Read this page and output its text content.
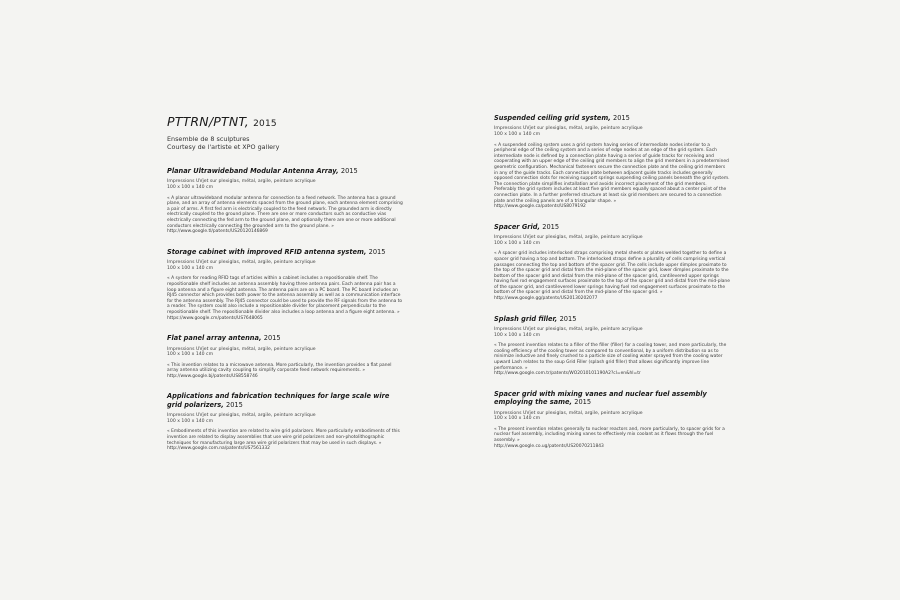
PTTRN/PTNT, 2015
Ensemble de 8 sculptures
Courtesy de l'artiste et XPO gallery
Planar Ultrawideband Modular Antenna Array, 2015
Impressions UVjet sur plexiglas, métal, argile, peinture acrylique
100 x 100 x 140 cm
« A planar ultrawideband modular antenna for connection to a feed network. The antenna has a ground plane, and an array of antenna elements spaced from the ground plane, each antenna element comprising a pair of arms. A first fed arm is electrically coupled to the feed network. The grounded arm is directly electrically coupled to the ground plane. There are one or more conductors such as conductive vias electrically connecting the fed arm to the ground plane, and optionally there are one or more additional conductors electrically connecting the grounded arm to the ground plane. »
http://www.google.tl/patents/US20120146869
Storage cabinet with improved RFID antenna system, 2015
Impressions UVjet sur plexiglas, métal, argile, peinture acrylique
100 x 100 x 140 cm
« A system for reading RFID tags of articles within a cabinet includes a repositionable shelf. The repositionable shelf includes an antenna assembly having three antenna pairs. Each antenna pair has a loop antenna and a figure eight antenna. The antenna pairs are on a PC board. The PC board includes an RJ45 connector which provides both power to the antenna assembly as well as a communication interface for the antenna assembly. The RJ45 connector could be used to provide the RF signals from the antenna to a reader. The system could also include a repositionable divider for placement perpendicular to the repositionable shelf. The repositionable divider also includes a loop antenna and a figure eight antenna. »
https://www.google.cm/patents/US7648065
Flat panel array antenna, 2015
Impressions UVjet sur plexiglas, métal, argile, peinture acrylique
100 x 100 x 140 cm
« This invention relates to a microwave antenna. More particularly, the invention provides a flat panel array antenna utilizing cavity coupling to simplify corporate feed network requirements. »
http://www.google.bj/patents/US8558746
Applications and fabrication techniques for large scale wire grid polarizers, 2015
Impressions UVjet sur plexiglas, métal, argile, peinture acrylique
100 x 100 x 140 cm
« Embodiments of this invention are related to wire grid polarizers. More particularly embodiments of this invention are related to display assemblies that use wire grid polarizers and non-photolithographic techniques for manufacturing large area wire grid polarizers that may be used in such displays. »
http://www.google.com.na/patents/US7561332
Suspended ceiling grid system, 2015
Impressions UVjet sur plexiglas, métal, argile, peinture acrylique
100 x 100 x 140 cm
« A suspended ceiling system uses a grid system having series of intermediate nodes interior to a peripheral edge of the ceiling system and a series of edge nodes at an edge of the grid system. Each intermediate node is defined by a connection plate having a series of guide tracks for receiving and cooperating with an upper edge of the ceiling grid members to align the grid members in a predetermined geometric configuration. Mechanical fasteners secure the connection plate and the ceiling grid members in any of the guide tracks. Each connection plate between adjacent guide tracks includes generally opposed connection slots for receiving support springs suspending ceiling panels beneath the grid system. The connection plate simplifies installation and avoids incorrect placement of the grid members. Preferably the grid system includes at least five grid members equally spaced about a center point of the connection plate. In a further preferred structure at least six grid members are secured to a connection plate and the ceiling panels are of a triangular shape. »
http://www.google.ca/patents/US8079192
Spacer Grid, 2015
Impressions UVjet sur plexiglas, métal, argile, peinture acrylique
100 x 100 x 140 cm
« A spacer grid includes interlocked straps comprising metal sheets or plates welded together to define a spacer grid having a top and bottom. The interlocked straps define a plurality of cells comprising vertical passages connecting the top and bottom of the spacer grid. The cells include upper dimples proximate to the top of the spacer grid and distal from the mid-plane of the spacer grid, lower dimples proximate to the bottom of the spacer grid and distal from the mid-plane of the spacer grid, cantilevered upper springs having fuel rod engagement surfaces proximate to the top of the spacer grid and distal from the mid-plane of the spacer grid, and cantilevered lower springs having fuel rod engagement surfaces proximate to the bottom of the spacer grid and distal from the mid-plane of the spacer grid. »
http://www.google.gg/patents/US20130202077
Splash grid filler, 2015
Impressions UVjet sur plexiglas, métal, argile, peinture acrylique
100 x 100 x 140 cm
« The present invention relates to a filler of the filler (filler) for a cooling tower, and more particularly, the cooling efficiency of the cooling tower as compared to conventional, by a uniform distribution so as to minimize inductive and finely crushed to a particle size of cooling water sprayed from the cooling water upward Lash relates to the soup Grid Filler (splash grid filler) that allows significantly improve line performance. »
http://www.google.com.tr/patents/WO2010101190A2?cl=en&hl=tr
Spacer grid with mixing vanes and nuclear fuel assembly employing the same, 2015
Impressions UVjet sur plexiglas, métal, argile, peinture acrylique
100 x 100 x 140 cm
« The present invention relates generally to nuclear reactors and, more particularly, to spacer grids for a nuclear fuel assembly, including mixing vanes to effectively mix coolant as it flows through the fuel assembly. »
http://www.google.co.ug/patents/US20070211843
